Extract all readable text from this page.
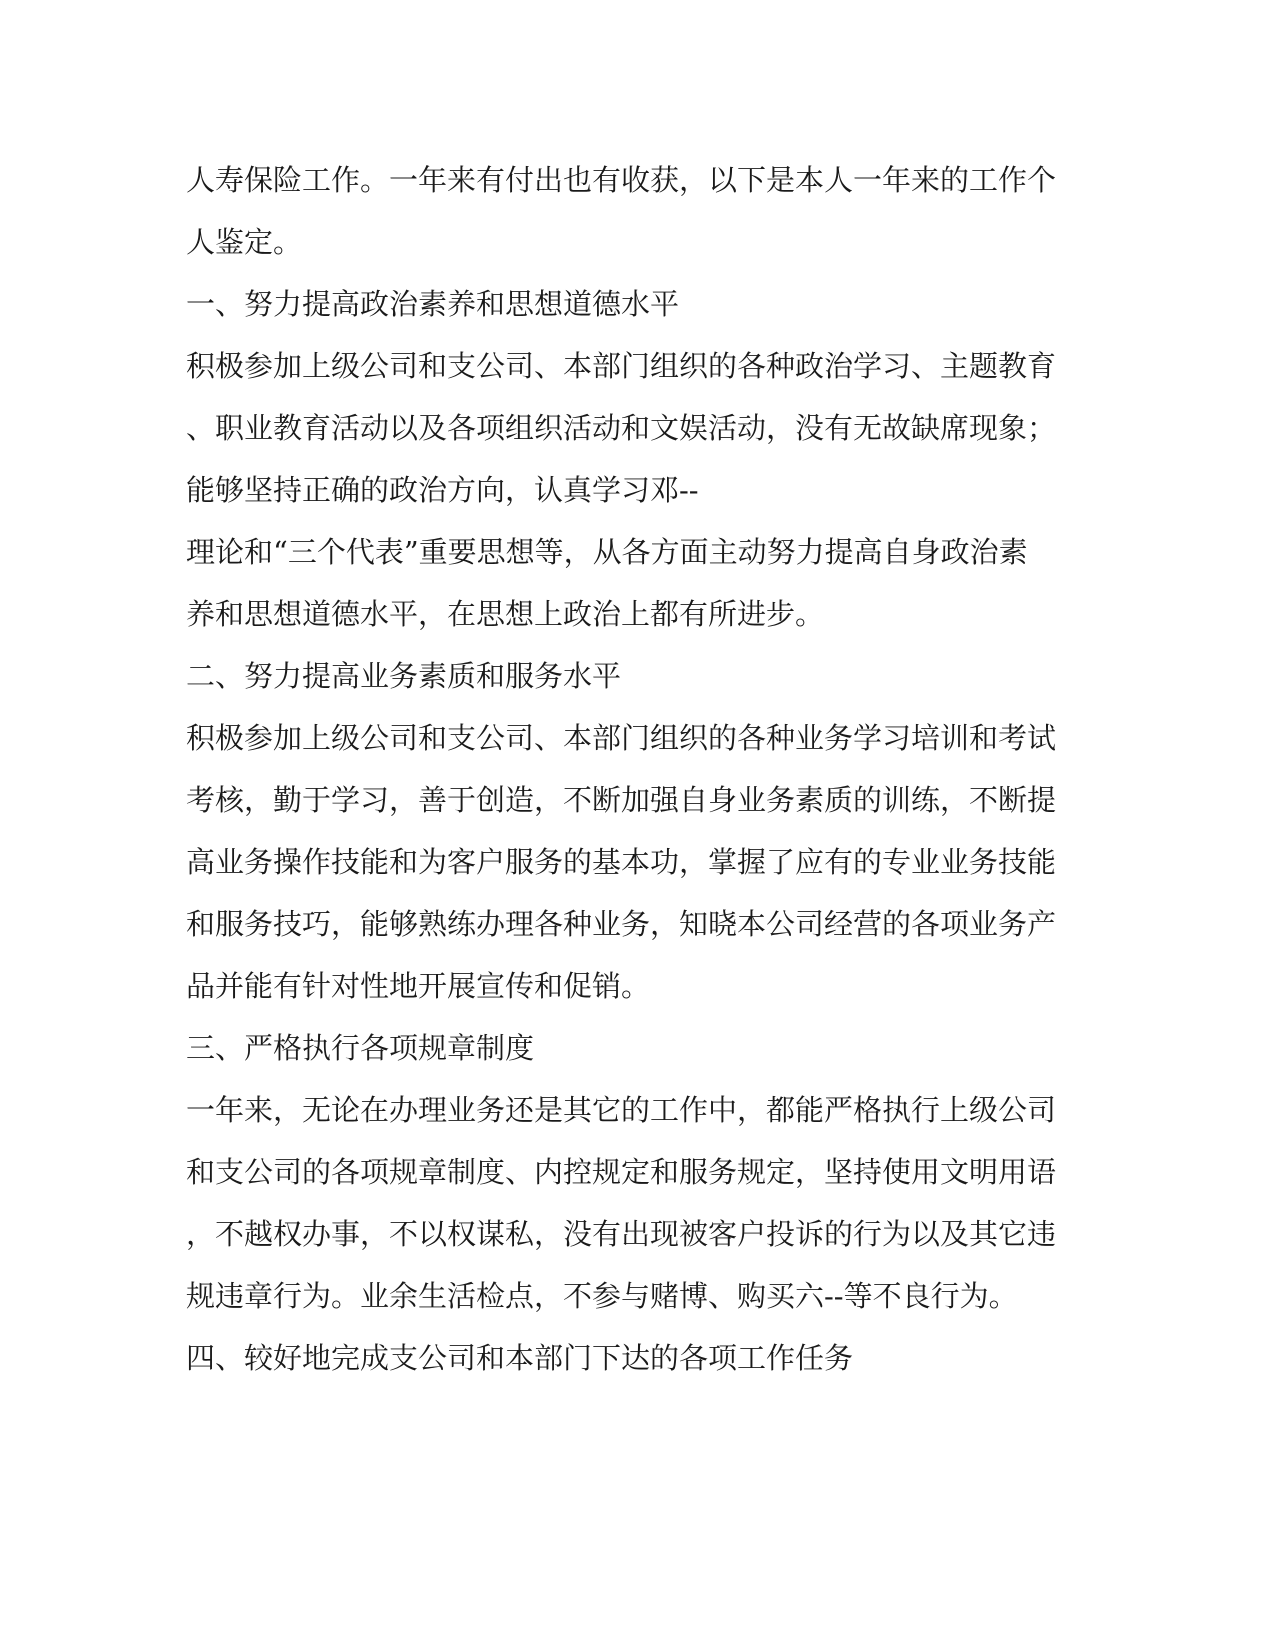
人寿保险工作。一年来有付出也有收获，以下是本人一年来的工作个
人鉴定。
一、努力提高政治素养和思想道德水平
积极参加上级公司和支公司、本部门组织的各种政治学习、主题教育
、职业教育活动以及各项组织活动和文娱活动，没有无故缺席现象；
能够坚持正确的政治方向，认真学习邓--
理论和“三个代表”重要思想等，从各方面主动努力提高自身政治素
养和思想道德水平，在思想上政治上都有所进步。
二、努力提高业务素质和服务水平
积极参加上级公司和支公司、本部门组织的各种业务学习培训和考试
考核，勤于学习，善于创造，不断加强自身业务素质的训练，不断提
高业务操作技能和为客户服务的基本功，掌握了应有的专业业务技能
和服务技巧，能够熟练办理各种业务，知晓本公司经营的各项业务产
品并能有针对性地开展宣传和促销。
三、严格执行各项规章制度
一年来，无论在办理业务还是其它的工作中，都能严格执行上级公司
和支公司的各项规章制度、内控规定和服务规定，坚持使用文明用语
，不越权办事，不以权谋私，没有出现被客户投诉的行为以及其它违
规违章行为。业余生活检点，不参与赌博、购买六--等不良行为。
四、较好地完成支公司和本部门下达的各项工作任务
